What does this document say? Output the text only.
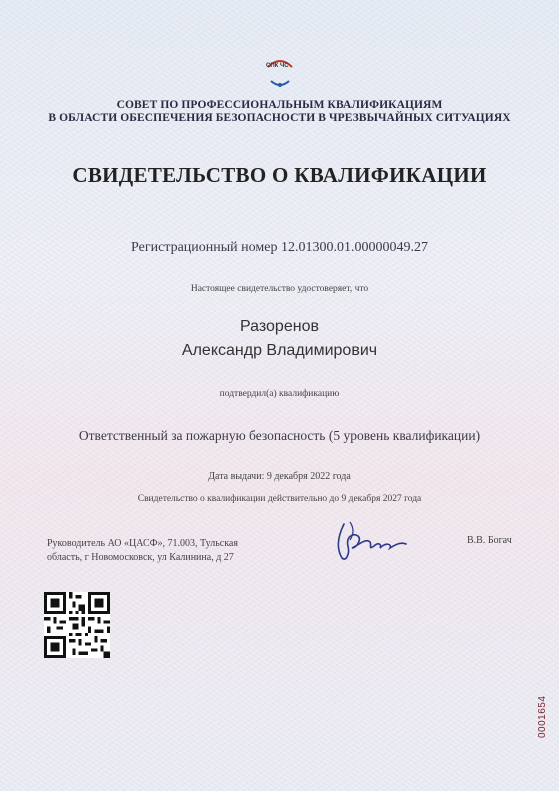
СПК ЧС
СОВЕТ ПО ПРОФЕССИОНАЛЬНЫМ КВАЛИФИКАЦИЯМ
В ОБЛАСТИ ОБЕСПЕЧЕНИЯ БЕЗОПАСНОСТИ В ЧРЕЗВЫЧАЙНЫХ СИТУАЦИЯХ
СВИДЕТЕЛЬСТВО О КВАЛИФИКАЦИИ
Регистрационный номер 12.01300.01.00000049.27
Настоящее свидетельство удостоверяет, что
Разоренов
Александр Владимирович
подтвердил(а) квалификацию
Ответственный за пожарную безопасность (5 уровень квалификации)
Дата выдачи: 9 декабря 2022 года
Свидетельство о квалификации действительно до 9 декабря 2027 года
Руководитель АО «ЦАСФ», 71.003, Тульская
область, г Новомосковск, ул Калинина, д 27
В.В. Богач
0001654
